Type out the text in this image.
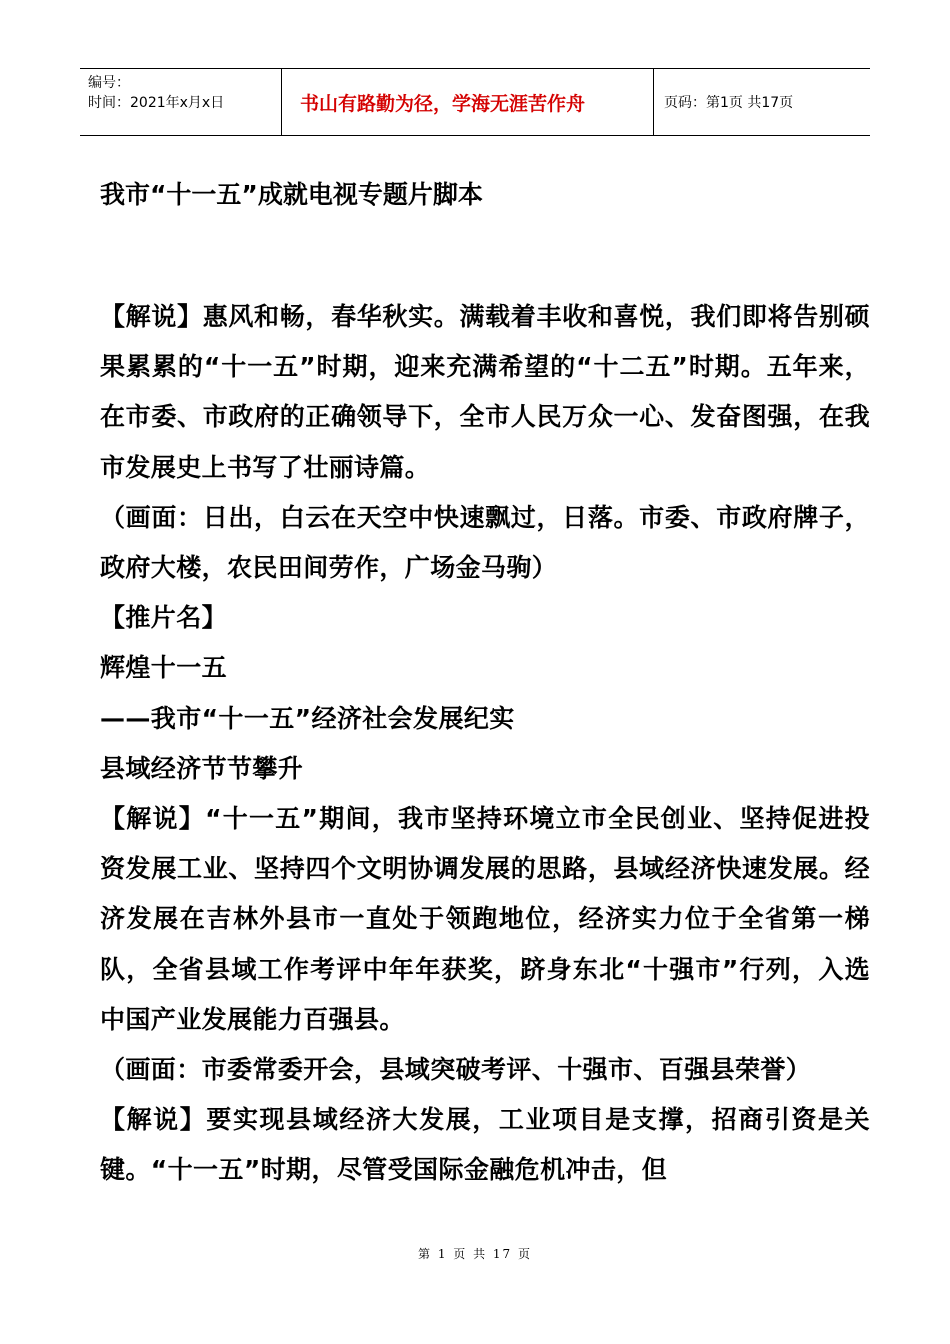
编号：
时间：2021年x月x日	书山有路勤为径，学海无涯苦作舟	页码：第1页 共17页

我市“十一五”成就电视专题片脚本

【解说】惠风和畅，春华秋实。满载着丰收和喜悦，我们即将告别硕果累累的“十一五”时期，迎来充满希望的“十二五”时期。五年来，在市委、市政府的正确领导下，全市人民万众一心、发奋图强，在我市发展史上书写了壮丽诗篇。

（画面：日出，白云在天空中快速飘过，日落。市委、市政府牌子，政府大楼，农民田间劳作，广场金马驹）

【推片名】

辉煌十一五

——我市“十一五”经济社会发展纪实

县域经济节节攀升

【解说】“十一五”期间，我市坚持环境立市全民创业、坚持促进投资发展工业、坚持四个文明协调发展的思路，县域经济快速发展。经济发展在吉林外县市一直处于领跑地位，经济实力位于全省第一梯队，全省县域工作考评中年年获奖，跻身东北“十强市”行列，入选中国产业发展能力百强县。

（画面：市委常委开会，县域突破考评、十强市、百强县荣誉）

【解说】要实现县域经济大发展，工业项目是支撑，招商引资是关键。“十一五”时期，尽管受国际金融危机冲击，但

第 1 页 共 17 页
